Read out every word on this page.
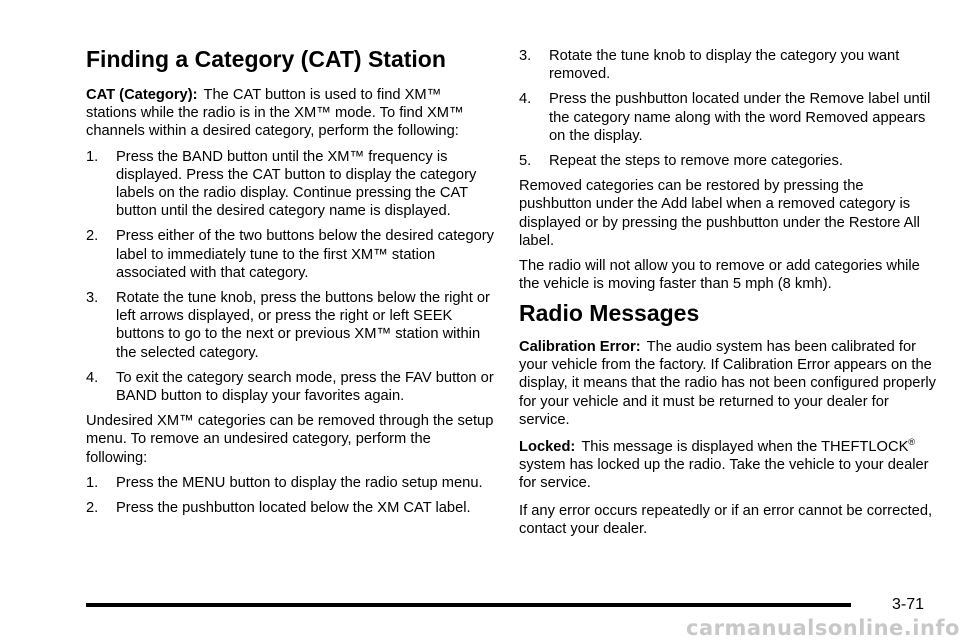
Finding a Category (CAT) Station

CAT (Category): The CAT button is used to find XM™ stations while the radio is in the XM™ mode. To find XM™ channels within a desired category, perform the following:

1. Press the BAND button until the XM™ frequency is displayed. Press the CAT button to display the category labels on the radio display. Continue pressing the CAT button until the desired category name is displayed.
2. Press either of the two buttons below the desired category label to immediately tune to the first XM™ station associated with that category.
3. Rotate the tune knob, press the buttons below the right or left arrows displayed, or press the right or left SEEK buttons to go to the next or previous XM™ station within the selected category.
4. To exit the category search mode, press the FAV button or BAND button to display your favorites again.

Undesired XM™ categories can be removed through the setup menu. To remove an undesired category, perform the following:

1. Press the MENU button to display the radio setup menu.
2. Press the pushbutton located below the XM CAT label.
3. Rotate the tune knob to display the category you want removed.
4. Press the pushbutton located under the Remove label until the category name along with the word Removed appears on the display.
5. Repeat the steps to remove more categories.

Removed categories can be restored by pressing the pushbutton under the Add label when a removed category is displayed or by pressing the pushbutton under the Restore All label.

The radio will not allow you to remove or add categories while the vehicle is moving faster than 5 mph (8 kmh).

Radio Messages

Calibration Error: The audio system has been calibrated for your vehicle from the factory. If Calibration Error appears on the display, it means that the radio has not been configured properly for your vehicle and it must be returned to your dealer for service.

Locked: This message is displayed when the THEFTLOCK® system has locked up the radio. Take the vehicle to your dealer for service.

If any error occurs repeatedly or if an error cannot be corrected, contact your dealer.

3-71
carmanualsonline.info
